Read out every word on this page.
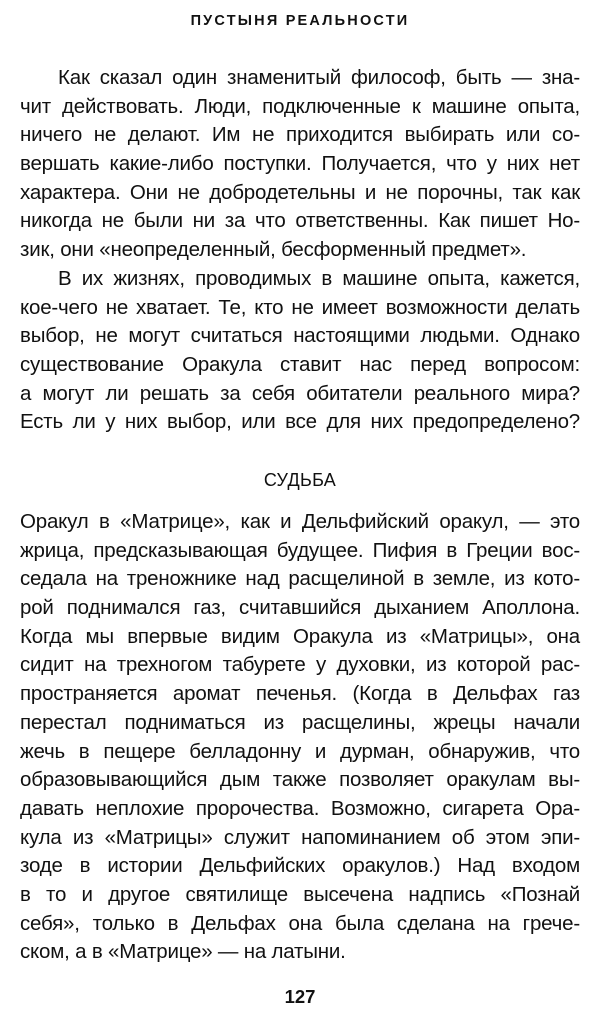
ПУСТЫНЯ РЕАЛЬНОСТИ
Как сказал один знаменитый философ, быть — зна-
чит действовать. Люди, подключенные к машине опыта,
ничего не делают. Им не приходится выбирать или со-
вершать какие-либо поступки. Получается, что у них нет
характера. Они не добродетельны и не порочны, так как
никогда не были ни за что ответственны. Как пишет Но-
зик, они «неопределенный, бесформенный предмет».
В их жизнях, проводимых в машине опыта, кажется,
кое-чего не хватает. Те, кто не имеет возможности делать
выбор, не могут считаться настоящими людьми. Однако
существование Оракула ставит нас перед вопросом:
а могут ли решать за себя обитатели реального мира?
Есть ли у них выбор, или все для них предопределено?
СУДЬБА
Оракул в «Матрице», как и Дельфийский оракул, — это
жрица, предсказывающая будущее. Пифия в Греции вос-
седала на треножнике над расщелиной в земле, из кото-
рой поднимался газ, считавшийся дыханием Аполлона.
Когда мы впервые видим Оракула из «Матрицы», она
сидит на трехногом табурете у духовки, из которой рас-
пространяется аромат печенья. (Когда в Дельфах газ
перестал подниматься из расщелины, жрецы начали
жечь в пещере белладонну и дурман, обнаружив, что
образовывающийся дым также позволяет оракулам вы-
давать неплохие пророчества. Возможно, сигарета Ора-
кула из «Матрицы» служит напоминанием об этом эпи-
зоде в истории Дельфийских оракулов.) Над входом
в то и другое святилище высечена надпись «Познай
себя», только в Дельфах она была сделана на грече-
ском, а в «Матрице» — на латыни.
127
